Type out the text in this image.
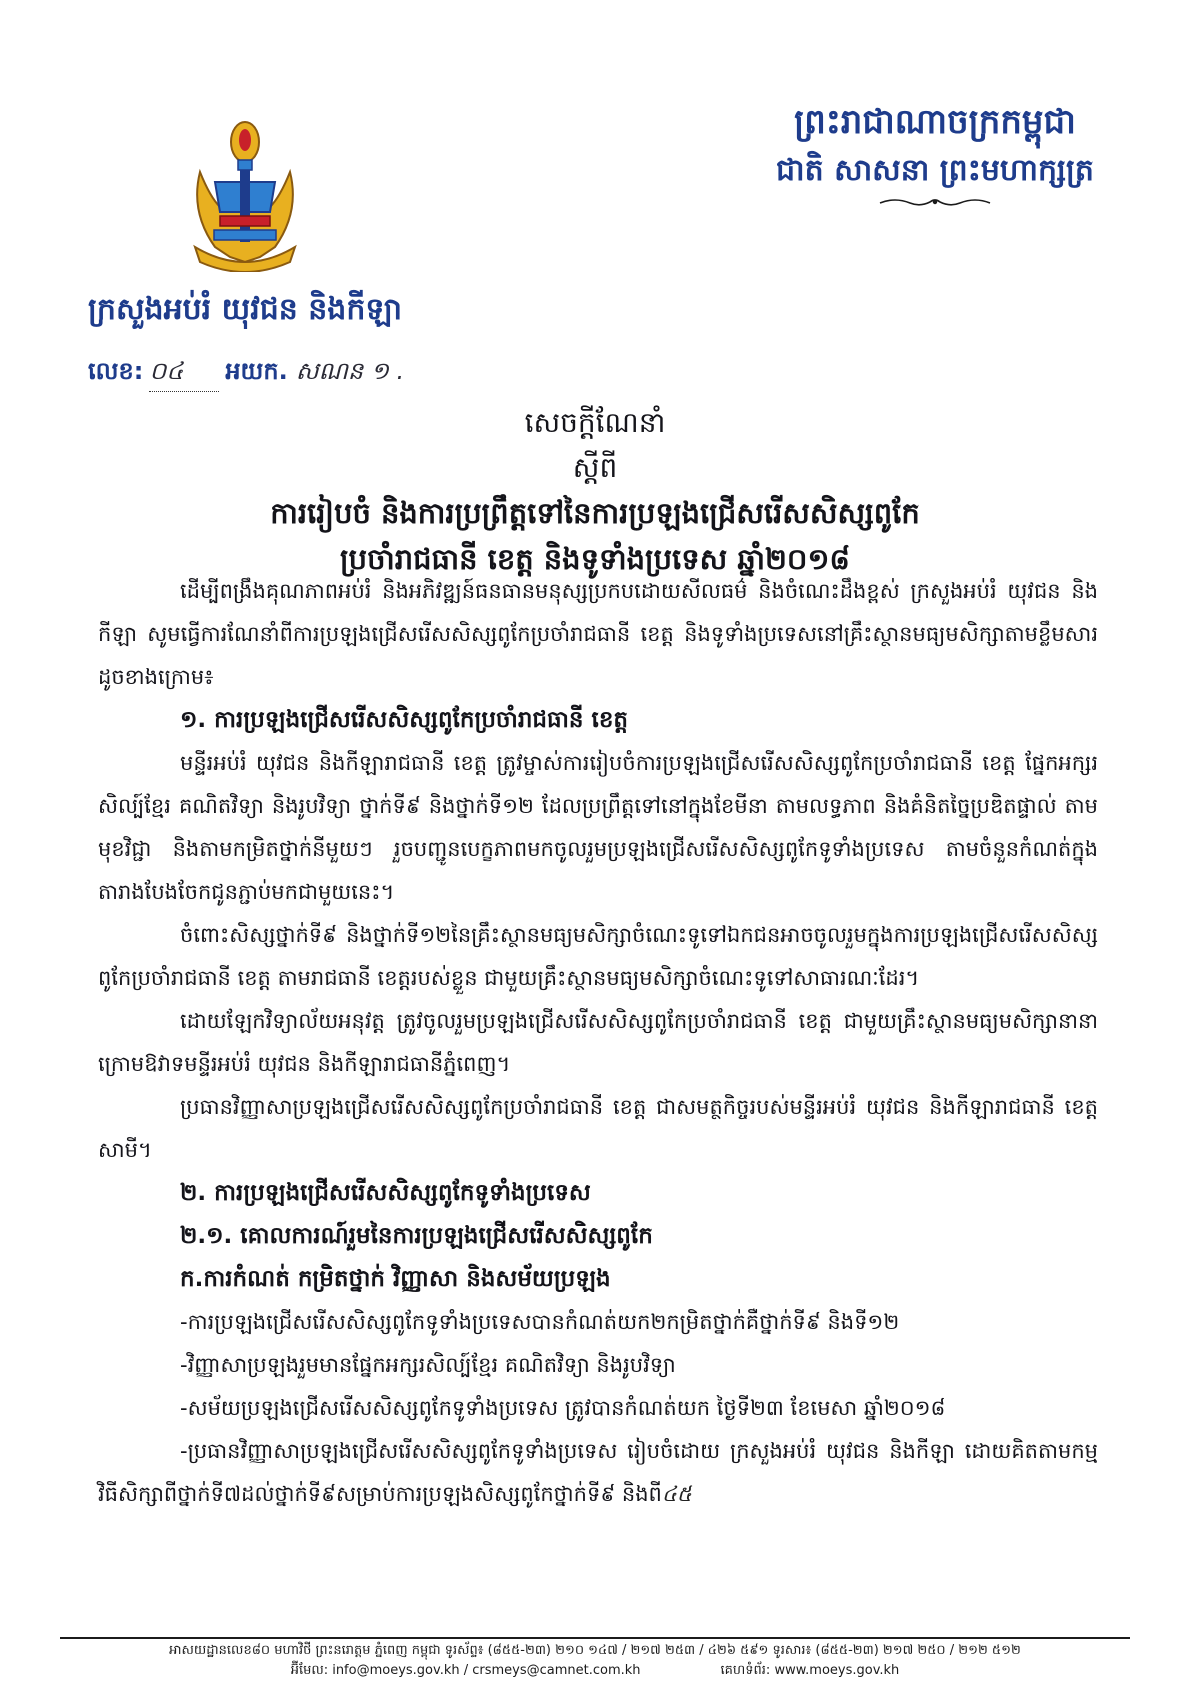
ព្រះរាជាណាចក្រកម្ពុជា
ជាតិ សាសនា ព្រះមហាក្សត្រ
ក្រសួងអប់រំ យុវជន និងកីឡា
លេខ: ០៤ អយក. សណន ១ .
សេចក្តីណែនាំ
ស្តីពី
ការរៀបចំ និងការប្រព្រឹត្តទៅនៃការប្រឡងជ្រើសរើសសិស្សពូកែ
ប្រចាំរាជធានី ខេត្ត និងទូទាំងប្រទេស ឆ្នាំ២០១៨

ដើម្បីពង្រឹងគុណភាពអប់រំ និងអភិវឌ្ឍន៍ធនធានមនុស្សប្រកបដោយសីលធម៌ និងចំណេះដឹងខ្ពស់ ក្រសួងអប់រំ យុវជន និងកីឡា សូមធ្វើការណែនាំពីការប្រឡងជ្រើសរើសសិស្សពូកែប្រចាំរាជធានី ខេត្ត និងទូទាំងប្រទេសនៅគ្រឹះស្ថានមធ្យមសិក្សាតាមខ្លឹមសារដូចខាងក្រោម៖

១. ការប្រឡងជ្រើសរើសសិស្សពូកែប្រចាំរាជធានី ខេត្ត

មន្ទីរអប់រំ យុវជន និងកីឡារាជធានី ខេត្ត ត្រូវម្ចាស់ការរៀបចំការប្រឡងជ្រើសរើសសិស្សពូកែប្រចាំរាជធានី ខេត្ត ផ្នែកអក្សរសិល្ប៍ខ្មែរ គណិតវិទ្យា និងរូបវិទ្យា ថ្នាក់ទី៩ និងថ្នាក់ទី១២ ដែលប្រព្រឹត្តទៅនៅក្នុងខែមីនា តាមលទ្ធភាព និងគំនិតច្នៃប្រឌិតផ្ទាល់ តាមមុខវិជ្ជា និងតាមកម្រិតថ្នាក់នីមួយៗ រួចបញ្ជូនបេក្ខភាពមកចូលរួមប្រឡងជ្រើសរើសសិស្សពូកែទូទាំងប្រទេស តាមចំនួនកំណត់ក្នុងតារាងបែងចែកជូនភ្ជាប់មកជាមួយនេះ។

ចំពោះសិស្សថ្នាក់ទី៩ និងថ្នាក់ទី១២នៃគ្រឹះស្ថានមធ្យមសិក្សាចំណេះទូទៅឯកជនអាចចូលរួមក្នុងការប្រឡងជ្រើសរើសសិស្សពូកែប្រចាំរាជធានី ខេត្ត តាមរាជធានី ខេត្តរបស់ខ្លួន ជាមួយគ្រឹះស្ថានមធ្យមសិក្សាចំណេះទូទៅសាធារណៈដែរ។

ដោយឡែកវិទ្យាល័យអនុវត្ត ត្រូវចូលរួមប្រឡងជ្រើសរើសសិស្សពូកែប្រចាំរាជធានី ខេត្ត ជាមួយគ្រឹះស្ថានមធ្យមសិក្សានានាក្រោមឱវាទមន្ទីរអប់រំ យុវជន និងកីឡារាជធានីភ្នំពេញ។

ប្រធានវិញ្ញាសាប្រឡងជ្រើសរើសសិស្សពូកែប្រចាំរាជធានី ខេត្ត ជាសមត្ថកិច្ចរបស់មន្ទីរអប់រំ យុវជន និងកីឡារាជធានី ខេត្តសាមី។

២. ការប្រឡងជ្រើសរើសសិស្សពូកែទូទាំងប្រទេស

២.១. គោលការណ៍រួមនៃការប្រឡងជ្រើសរើសសិស្សពូកែ

ក.ការកំណត់ កម្រិតថ្នាក់ វិញ្ញាសា និងសម័យប្រឡង

-ការប្រឡងជ្រើសរើសសិស្សពូកែទូទាំងប្រទេសបានកំណត់យក២កម្រិតថ្នាក់គឺថ្នាក់ទី៩ និងទី១២

-វិញ្ញាសាប្រឡងរួមមានផ្នែកអក្សរសិល្ប៍ខ្មែរ គណិតវិទ្យា និងរូបវិទ្យា

-សម័យប្រឡងជ្រើសរើសសិស្សពូកែទូទាំងប្រទេស ត្រូវបានកំណត់យក ថ្ងៃទី២៣ ខែមេសា ឆ្នាំ២០១៨

-ប្រធានវិញ្ញាសាប្រឡងជ្រើសរើសសិស្សពូកែទូទាំងប្រទេស រៀបចំដោយ ក្រសួងអប់រំ យុវជន និងកីឡា ដោយគិតតាមកម្មវិធីសិក្សាពីថ្នាក់ទី៧ដល់ថ្នាក់ទី៩សម្រាប់ការប្រឡងសិស្សពូកែថ្នាក់ទី៩ និងពី៤៥

អាសយដ្ឋានលេខ៨០ មហាវិថី ព្រះនរោត្តម ភ្នំពេញ កម្ពុជា ទូរស័ព្ទ៖ (៨៥៥-២៣) ២១០ ១៤៧ / ២១៧ ២៥៣ / ៤២៦ ៥៩១ ទូរសារ៖ (៨៥៥-២៣) ២១៧ ២៥០ / ២១២ ៥១២
អ៊ីមែល: info@moeys.gov.kh / crsmeys@camnet.com.kh	គេហទំព័រ: www.moeys.gov.kh
